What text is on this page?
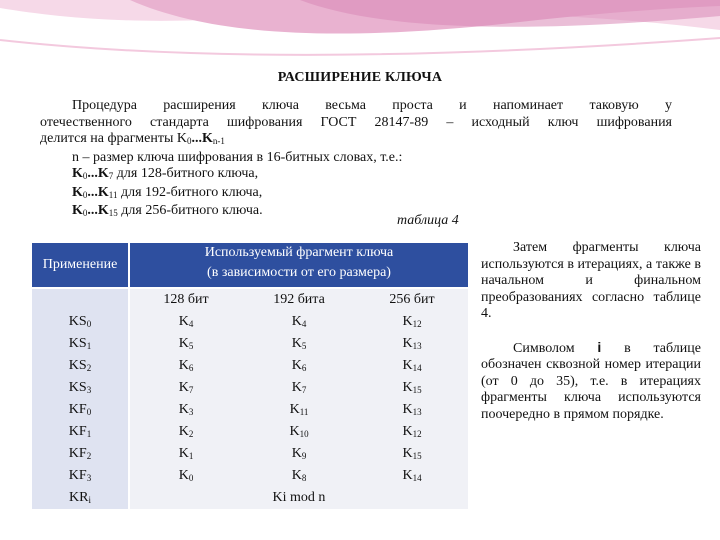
РАСШИРЕНИЕ КЛЮЧА

Процедура расширения ключа весьма проста и напоминает таковую у

отечественного стандарта шифрования ГОСТ 28147-89 – исходный ключ шифрования

делится на фрагменты $K_0...K_{n-1}$

n – размер ключа шифрования в 16-битных словах, т.е.:

$K_0...K_7$ для 128-битного ключа,

$K_0...K_{11}$ для 192-битного ключа,

$K_0...K_{15}$ для 256-битного ключа.

таблица 4
Применение
Используемый фрагмент ключа
(в зависимости от его размера)
128 бит	192 бита	256 бит
$KS_0$	$K_4$	$K_4$	$K_{12}$
$KS_1$	$K_5$	$K_5$	$K_{13}$
$KS_2$	$K_6$	$K_6$	$K_{14}$
$KS_3$	$K_7$	$K_7$	$K_{15}$
$KF_0$	$K_3$	$K_{11}$	$K_{13}$
$KF_1$	$K_2$	$K_{10}$	$K_{12}$
$KF_2$	$K_1$	$K_9$	$K_{15}$
$KF_3$	$K_0$	$K_8$	$K_{14}$
$KR_i$	Ki mod n

Затем фрагменты ключа используются в итерациях, а также в начальном и финальном преобразованиях согласно таблице 4.

Символом i в таблице обозначен сквозной номер итерации (от 0 до 35), т.е. в итерациях фрагменты ключа используются поочередно в прямом порядке.
